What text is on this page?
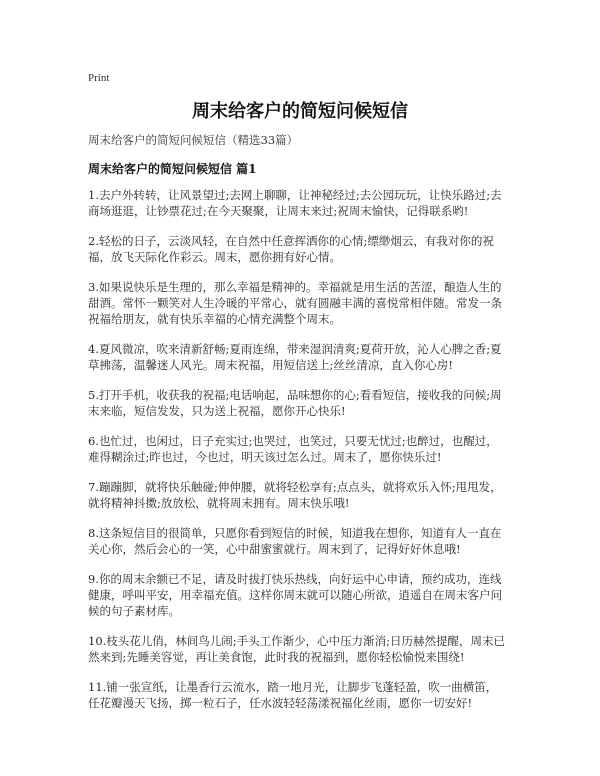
Print
周末给客户的简短问候短信
周末给客户的简短问候短信（精选33篇）
周末给客户的简短问候短信 篇1

1.去户外转转，让风景望过;去网上聊聊，让神秘经过;去公园玩玩，让快乐路过;去商场逛逛，让钞票花过;在今天聚聚，让周末来过;祝周末愉快，记得联系哟!

2.轻松的日子，云淡风轻，在自然中任意挥洒你的心情;缥缈烟云，有我对你的祝福，放飞天际化作彩云。周末，愿你拥有好心情。

3.如果说快乐是生理的，那么幸福是精神的。幸福就是用生活的苦涩，酿造人生的甜酒。常怀一颗笑对人生冷暖的平常心，就有圆融丰满的喜悦常相伴随。常发一条祝福给朋友，就有快乐幸福的心情充满整个周末。

4.夏风微凉，吹来清新舒畅;夏雨连绵，带来湿润清爽;夏荷开放，沁人心脾之香;夏草拂荡，温馨迷人风光。周末祝福，用短信送上;丝丝清凉，直入你心房!

5.打开手机，收获我的祝福;电话响起，品味想你的心;看看短信，接收我的问候;周末来临，短信发发，只为送上祝福，愿你开心快乐!

6.也忙过，也闲过，日子充实过;也哭过，也笑过，只要无忧过;也醉过，也醒过，难得糊涂过;昨也过，今也过，明天该过怎么过。周末了，愿你快乐过!

7.蹦蹦脚，就将快乐触碰;伸伸腰，就将轻松享有;点点头，就将欢乐入怀;甩甩发，就将精神抖擞;放放松，就将周末拥有。周末快乐哦!

8.这条短信目的很简单，只愿你看到短信的时候，知道我在想你，知道有人一直在关心你，然后会心的一笑，心中甜蜜蜜就行。周末到了，记得好好休息哦!

9.你的周末余额已不足，请及时拔打快乐热线，向好运中心申请，预约成功，连线健康，呼叫平安，用幸福充值。这样你周末就可以随心所欲，逍遥自在周末客户问候的句子素材库。

10.枝头花儿俏，林间鸟儿闹;手头工作渐少，心中压力渐消;日历赫然提醒，周末已然来到;先睡美容觉，再让美食饱，此时我的祝福到，愿你轻松愉悦来围绕!

11.铺一张宣纸，让墨香行云流水，踏一地月光，让脚步飞蓬轻盈，吹一曲横笛，任花瓣漫天飞扬，掷一粒石子，任水波轻轻荡漾祝福化丝雨，愿你一切安好!
